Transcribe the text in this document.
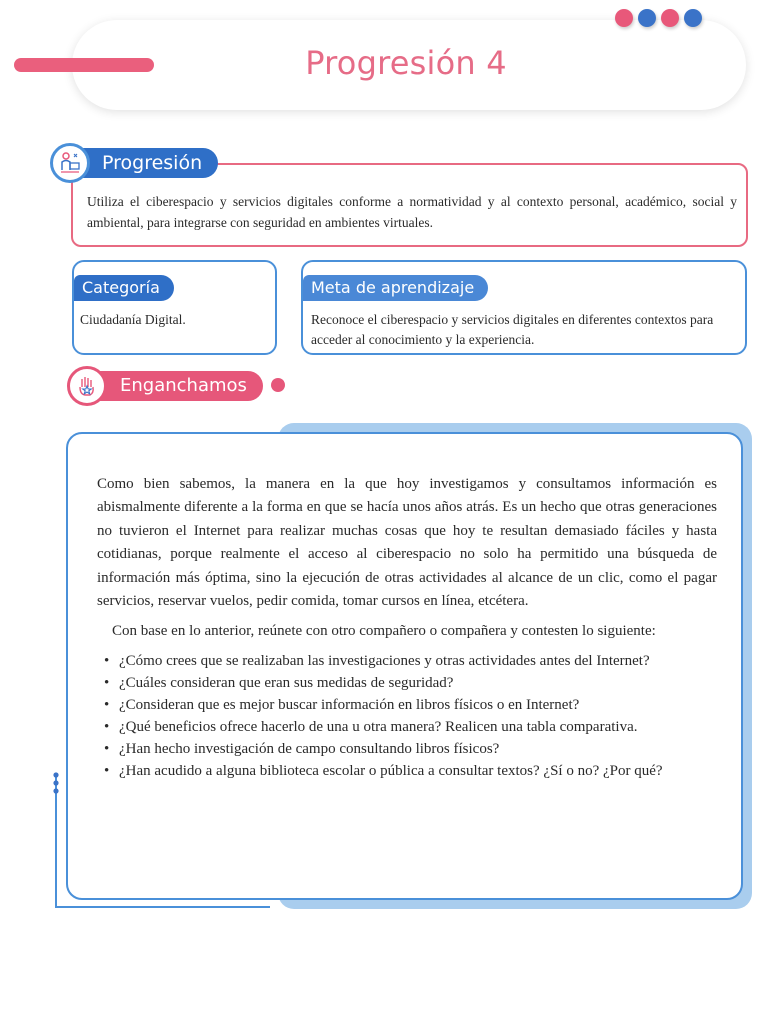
Progresión 4
Progresión
Utiliza el ciberespacio y servicios digitales conforme a normatividad y al contexto personal, académico, social y ambiental, para integrarse con seguridad en ambientes virtuales.
Categoría
Ciudadanía Digital.
Meta de aprendizaje
Reconoce el ciberespacio y servicios digitales en diferentes contextos para acceder al conocimiento y la experiencia.
Enganchamos

Como bien sabemos, la manera en la que hoy investigamos y consultamos información es abismalmente diferente a la forma en que se hacía unos años atrás. Es un hecho que otras generaciones no tuvieron el Internet para realizar muchas cosas que hoy te resultan demasiado fáciles y hasta cotidianas, porque realmente el acceso al ciberespacio no solo ha permitido una búsqueda de información más óptima, sino la ejecución de otras actividades al alcance de un clic, como el pagar servicios, reservar vuelos, pedir comida, tomar cursos en línea, etcétera.

Con base en lo anterior, reúnete con otro compañero o compañera y contesten lo siguiente:

• ¿Cómo crees que se realizaban las investigaciones y otras actividades antes del Internet?
• ¿Cuáles consideran que eran sus medidas de seguridad?
• ¿Consideran que es mejor buscar información en libros físicos o en Internet?
• ¿Qué beneficios ofrece hacerlo de una u otra manera? Realicen una tabla comparativa.
• ¿Han hecho investigación de campo consultando libros físicos?
• ¿Han acudido a alguna biblioteca escolar o pública a consultar textos? ¿Sí o no? ¿Por qué?
